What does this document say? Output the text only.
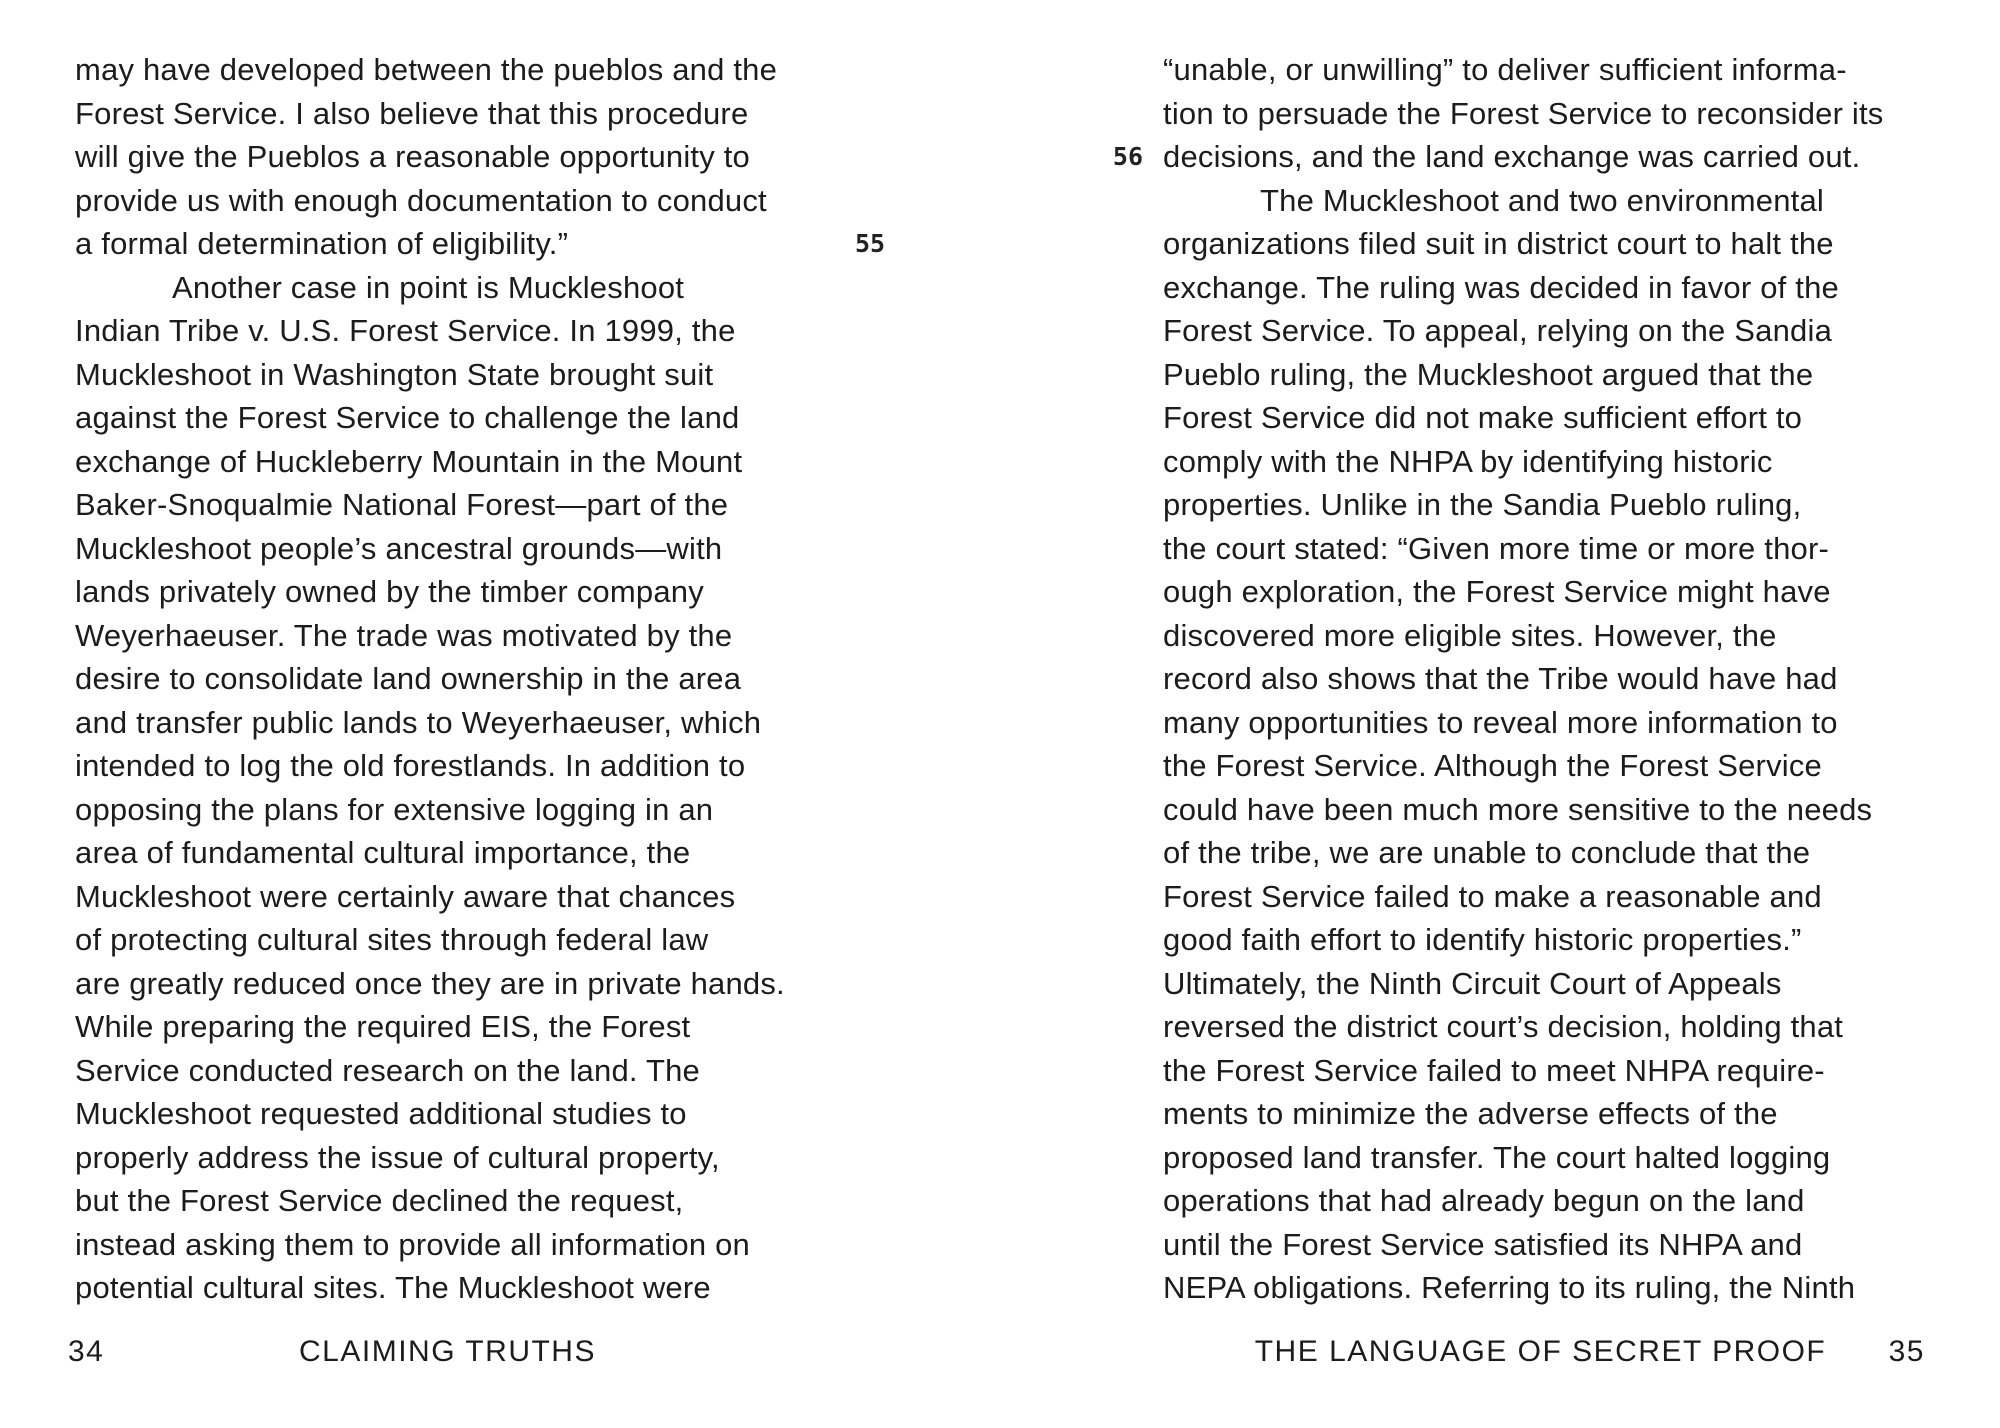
may have developed between the pueblos and the
Forest Service. I also believe that this procedure
will give the Pueblos a reasonable opportunity to
provide us with enough documentation to conduct
a formal determination of eligibility.”
Another case in point is Muckleshoot
Indian Tribe v. U.S. Forest Service. In 1999, the
Muckleshoot in Washington State brought suit
against the Forest Service to challenge the land
exchange of Huckleberry Mountain in the Mount
Baker-Snoqualmie National Forest—part of the
Muckleshoot people’s ancestral grounds—with
lands privately owned by the timber company
Weyerhaeuser. The trade was motivated by the
desire to consolidate land ownership in the area
and transfer public lands to Weyerhaeuser, which
intended to log the old forestlands. In addition to
opposing the plans for extensive logging in an
area of fundamental cultural importance, the
Muckleshoot were certainly aware that chances
of protecting cultural sites through federal law
are greatly reduced once they are in private hands.
While preparing the required EIS, the Forest
Service conducted research on the land. The
Muckleshoot requested additional studies to
properly address the issue of cultural property,
but the Forest Service declined the request,
instead asking them to provide all information on
potential cultural sites. The Muckleshoot were
55
34	CLAIMING TRUTHS
“unable, or unwilling” to deliver sufficient informa-
tion to persuade the Forest Service to reconsider its
decisions, and the land exchange was carried out.
The Muckleshoot and two environmental
organizations filed suit in district court to halt the
exchange. The ruling was decided in favor of the
Forest Service. To appeal, relying on the Sandia
Pueblo ruling, the Muckleshoot argued that the
Forest Service did not make sufficient effort to
comply with the NHPA by identifying historic
properties. Unlike in the Sandia Pueblo ruling,
the court stated: “Given more time or more thor-
ough exploration, the Forest Service might have
discovered more eligible sites. However, the
record also shows that the Tribe would have had
many opportunities to reveal more information to
the Forest Service. Although the Forest Service
could have been much more sensitive to the needs
of the tribe, we are unable to conclude that the
Forest Service failed to make a reasonable and
good faith effort to identify historic properties.”
Ultimately, the Ninth Circuit Court of Appeals
reversed the district court’s decision, holding that
the Forest Service failed to meet NHPA require-
ments to minimize the adverse effects of the
proposed land transfer. The court halted logging
operations that had already begun on the land
until the Forest Service satisfied its NHPA and
NEPA obligations. Referring to its ruling, the Ninth
56
THE LANGUAGE OF SECRET PROOF	35
